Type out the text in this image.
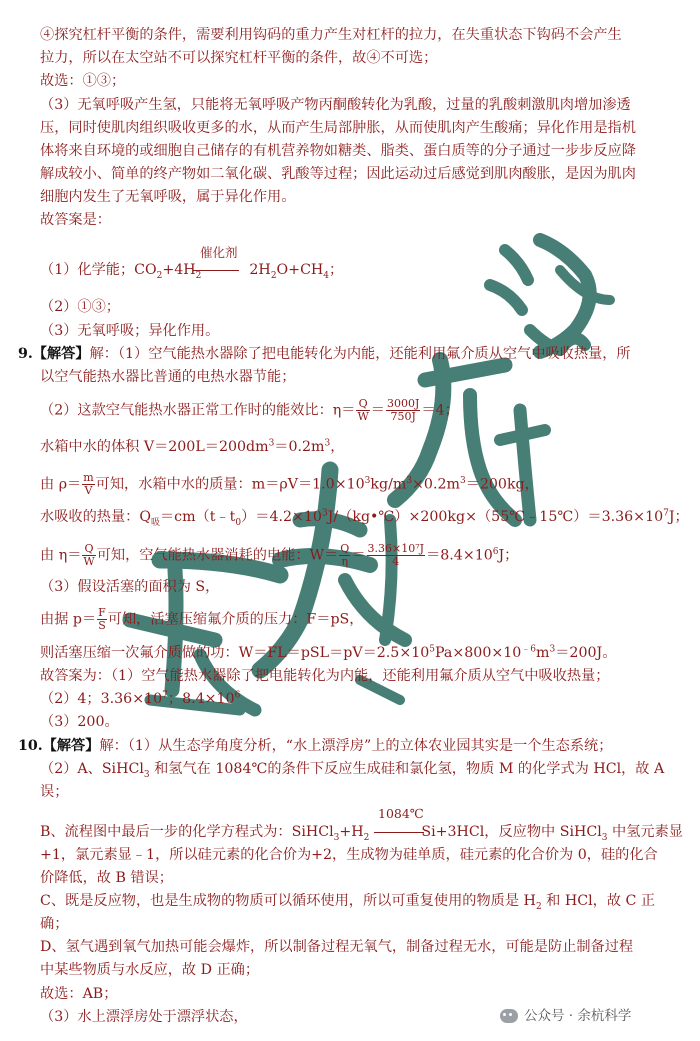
④探究杠杆平衡的条件，需要利用钩码的重力产生对杠杆的拉力，在失重状态下钩码不会产生
拉力，所以在太空站不可以探究杠杆平衡的条件，故④不可选；
故选：①③；
（3）无氧呼吸产生氢，只能将无氧呼吸产物丙酮酸转化为乳酸，过量的乳酸刺激肌肉增加渗透
压，同时使肌肉组织吸收更多的水，从而产生局部肿胀，从而使肌肉产生酸痛；异化作用是指机
体将来自环境的或细胞自己储存的有机营养物如糖类、脂类、蛋白质等的分子通过一步步反应降
解成较小、简单的终产物如二氧化碳、乳酸等过程；因此运动过后感觉到肌肉酸胀，是因为肌肉
细胞内发生了无氧呼吸，属于异化作用。
故答案是：
催化剂
（1）化学能；$CO_2+4H_2$	$2H_2O+CH_4$；
（2）①③；
（3）无氧呼吸；异化作用。
9.【解答】解：（1）空气能热水器除了把电能转化为内能，还能利用氟介质从空气中吸收热量，所
以空气能热水器比普通的电热水器节能；
（2）这款空气能热水器正常工作时的能效比：$\eta= \frac{Q}{W} = \frac{3000J}{750J} =4$；
水箱中水的体积 $V=200L=200dm^3=0.2m^3$，
由 $\rho= \frac{m}{V}$ 可知，水箱中水的质量：$m=\rho V=1.0\times 10^3kg/m^3\times 0.2m^3=200kg$，
水吸收的热量：$Q_吸=cm(t﹣t_0)=4.2\times 10^3J/(kg•℃)\times 200kg\times(55℃﹣15℃)=3.36\times 10^7J$；
由 $\eta= \frac{Q}{W}$ 可知，空气能热水器消耗的电能：$W= \frac{Q}{\eta} = \frac{\text{3.36×10⁷J}}{4} =8.4\times 10^6J$；
（3）假设活塞的面积为 S，
由据 $p= \frac{F}{S}$ 可知，活塞压缩氟介质的压力：F＝pS，
则活塞压缩一次氟介质做的功：$W=FL=pSL=pV=2.5\times 10^5Pa\times 800\times 10^{﹣6}m^3=200J$。
故答案为：（1）空气能热水器除了把电能转化为内能，还能利用氟介质从空气中吸收热量；
（2）4；$3.36\times 10^7$；$8.4\times 10^6$
（3）200。
10.【解答】解：（1）从生态学角度分析，“水上漂浮房”上的立体农业园其实是一个生态系统；
（2）A、SiHCl$_3$ 和氢气在 1084℃的条件下反应生成硅和氯化氢，物质 M 的化学式为 HCl，故 A
误；
1084℃
B、流程图中最后一步的化学方程式为：$SiHCl_3+H_2$	Si+3HCl，反应物中 SiHCl$_3$ 中氢元素显
+1，氯元素显﹣1，所以硅元素的化合价为+2，生成物为硅单质，硅元素的化合价为 0，硅的化合
价降低，故 B 错误；
C、既是反应物，也是生成物的物质可以循环使用，所以可重复使用的物质是 $H_2$ 和 HCl，故 C 正
确；
D、氢气遇到氧气加热可能会爆炸，所以制备过程无氧气，制备过程无水，可能是防止制备过程
中某些物质与水反应，故 D 正确；
故选：AB；
（3）水上漂浮房处于漂浮状态，	公众号 · 余杭科学
